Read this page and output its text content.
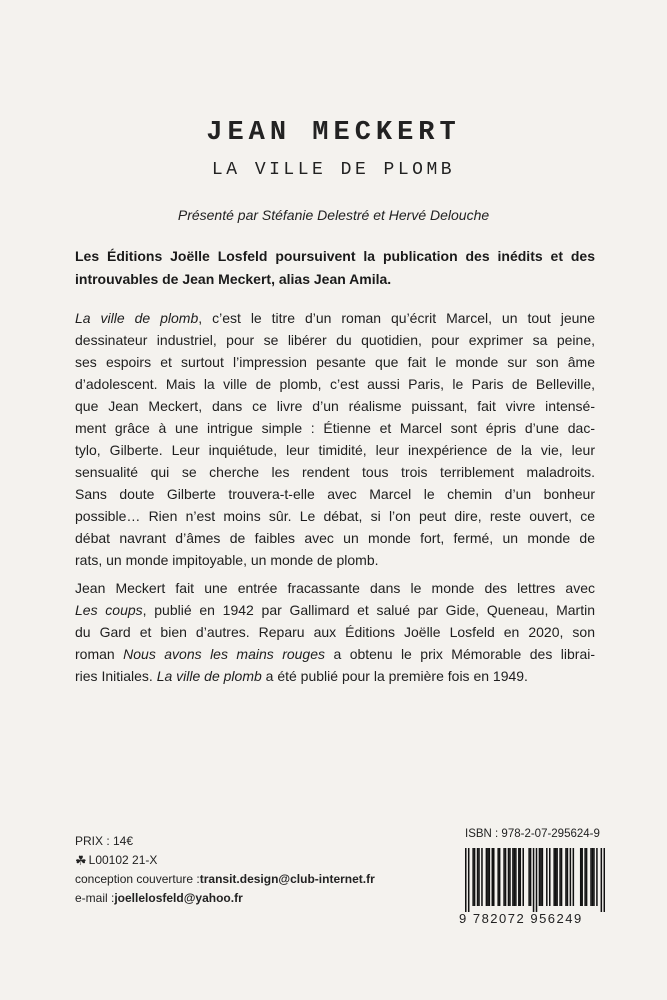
JEAN MECKERT
LA VILLE DE PLOMB
Présenté par Stéfanie Delestré et Hervé Delouche
Les Éditions Joëlle Losfeld poursuivent la publication des inédits et des
introuvables de Jean Meckert, alias Jean Amila.
La ville de plomb, c’est le titre d’un roman qu’écrit Marcel, un tout jeune
dessinateur industriel, pour se libérer du quotidien, pour exprimer sa peine,
ses espoirs et surtout l’impression pesante que fait le monde sur son âme
d’adolescent. Mais la ville de plomb, c’est aussi Paris, le Paris de Belleville,
que Jean Meckert, dans ce livre d’un réalisme puissant, fait vivre intensé-
ment grâce à une intrigue simple : Étienne et Marcel sont épris d’une dac-
tylo, Gilberte. Leur inquiétude, leur timidité, leur inexpérience de la vie, leur
sensualité qui se cherche les rendent tous trois terriblement maladroits.
Sans doute Gilberte trouvera-t-elle avec Marcel le chemin d’un bonheur
possible… Rien n’est moins sûr. Le débat, si l’on peut dire, reste ouvert, ce
débat navrant d’âmes de faibles avec un monde fort, fermé, un monde de
rats, un monde impitoyable, un monde de plomb.
Jean Meckert fait une entrée fracassante dans le monde des lettres avec
Les coups, publié en 1942 par Gallimard et salué par Gide, Queneau, Martin
du Gard et bien d’autres. Reparu aux Éditions Joëlle Losfeld en 2020, son
roman Nous avons les mains rouges a obtenu le prix Mémorable des librai-
ries Initiales. La ville de plomb a été publié pour la première fois en 1949.
PRIX : 14€
☘ L00102 21-X
conception couverture : transit.design@club-internet.fr
e-mail : joellelosfeld@yahoo.fr
ISBN : 978-2-07-295624-9
9 782072 956249
